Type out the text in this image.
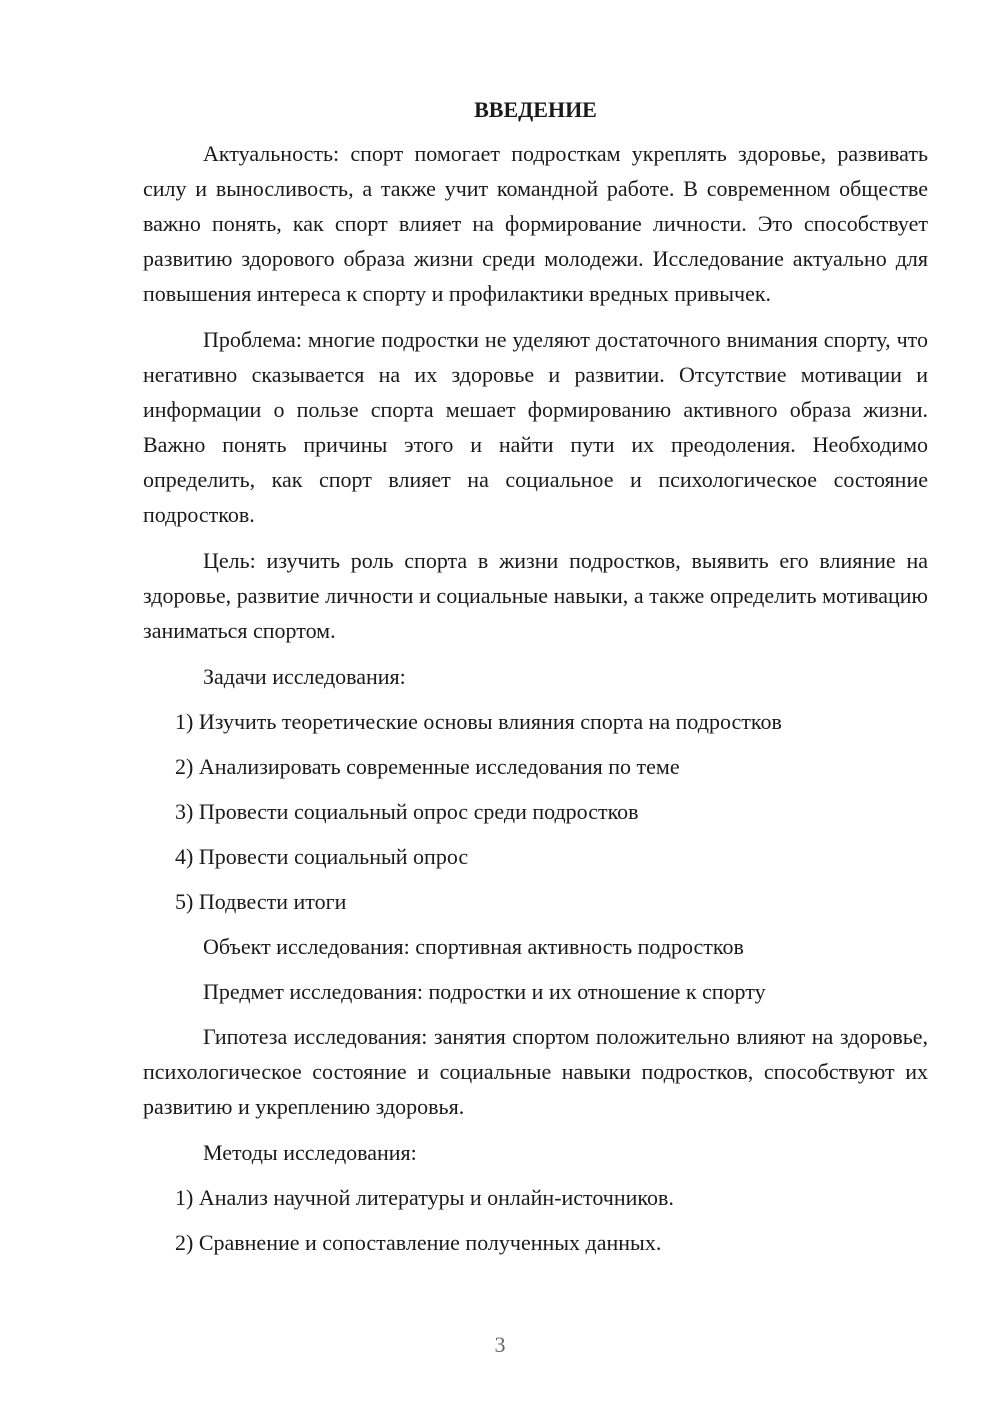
ВВЕДЕНИЕ

Актуальность: спорт помогает подросткам укреплять здоровье, развивать силу и выносливость, а также учит командной работе. В современном обществе важно понять, как спорт влияет на формирование личности. Это способствует развитию здорового образа жизни среди молодежи. Исследование актуально для повышения интереса к спорту и профилактики вредных привычек.

Проблема: многие подростки не уделяют достаточного внимания спорту, что негативно сказывается на их здоровье и развитии. Отсутствие мотивации и информации о пользе спорта мешает формированию активного образа жизни. Важно понять причины этого и найти пути их преодоления. Необходимо определить, как спорт влияет на социальное и психологическое состояние подростков.

Цель: изучить роль спорта в жизни подростков, выявить его влияние на здоровье, развитие личности и социальные навыки, а также определить мотивацию заниматься спортом.

Задачи исследования:
1) Изучить теоретические основы влияния спорта на подростков
2) Анализировать современные исследования по теме
3) Провести социальный опрос среди подростков
4) Провести социальный опрос
5) Подвести итоги
Объект исследования: спортивная активность подростков
Предмет исследования: подростки и их отношение к спорту

Гипотеза исследования: занятия спортом положительно влияют на здоровье, психологическое состояние и социальные навыки подростков, способствуют их развитию и укреплению здоровья.

Методы исследования:
1) Анализ научной литературы и онлайн-источников.
2) Сравнение и сопоставление полученных данных.
3
